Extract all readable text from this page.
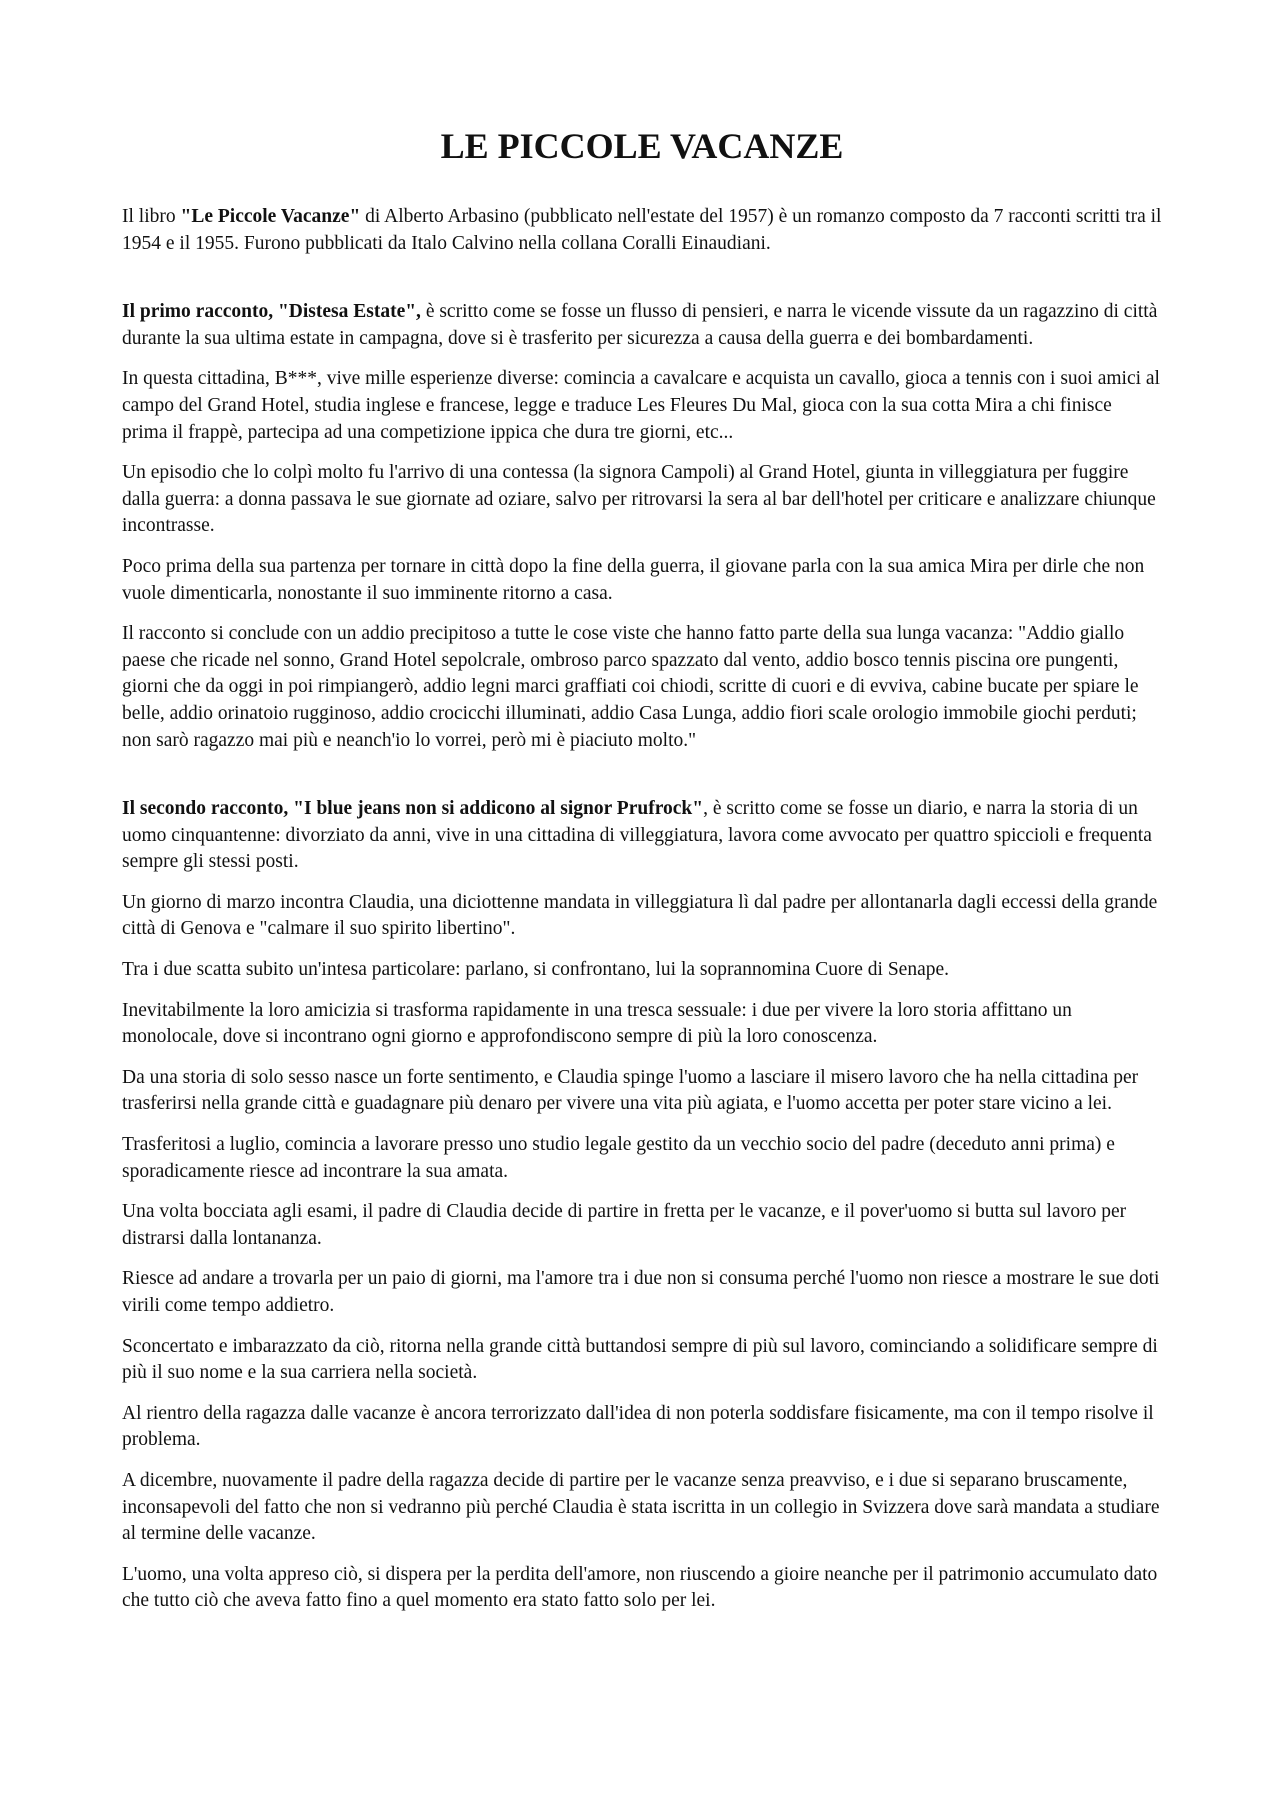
LE PICCOLE VACANZE

Il libro "Le Piccole Vacanze" di Alberto Arbasino (pubblicato nell'estate del 1957) è un romanzo composto da 7 racconti scritti tra il 1954 e il 1955. Furono pubblicati da Italo Calvino nella collana Coralli Einaudiani.

Il primo racconto, "Distesa Estate", è scritto come se fosse un flusso di pensieri, e narra le vicende vissute da un ragazzino di città durante la sua ultima estate in campagna, dove si è trasferito per sicurezza a causa della guerra e dei bombardamenti.

In questa cittadina, B***, vive mille esperienze diverse: comincia a cavalcare e acquista un cavallo, gioca a tennis con i suoi amici al campo del Grand Hotel, studia inglese e francese, legge e traduce Les Fleures Du Mal, gioca con la sua cotta Mira a chi finisce prima il frappè, partecipa ad una competizione ippica che dura tre giorni, etc...

Un episodio che lo colpì molto fu l'arrivo di una contessa (la signora Campoli) al Grand Hotel, giunta in villeggiatura per fuggire dalla guerra: a donna passava le sue giornate ad oziare, salvo per ritrovarsi la sera al bar dell'hotel per criticare e analizzare chiunque incontrasse.

Poco prima della sua partenza per tornare in città dopo la fine della guerra, il giovane parla con la sua amica Mira per dirle che non vuole dimenticarla, nonostante il suo imminente ritorno a casa.

Il racconto si conclude con un addio precipitoso a tutte le cose viste che hanno fatto parte della sua lunga vacanza: "Addio giallo paese che ricade nel sonno, Grand Hotel sepolcrale, ombroso parco spazzato dal vento, addio bosco tennis piscina ore pungenti, giorni che da oggi in poi rimpiangerò, addio legni marci graffiati coi chiodi, scritte di cuori e di evviva, cabine bucate per spiare le belle, addio orinatoio rugginoso, addio crocicchi illuminati, addio Casa Lunga, addio fiori scale orologio immobile giochi perduti; non sarò ragazzo mai più e neanch'io lo vorrei, però mi è piaciuto molto."

Il secondo racconto, "I blue jeans non si addicono al signor Prufrock", è scritto come se fosse un diario, e narra la storia di un uomo cinquantenne: divorziato da anni, vive in una cittadina di villeggiatura, lavora come avvocato per quattro spiccioli e frequenta sempre gli stessi posti.

Un giorno di marzo incontra Claudia, una diciottenne mandata in villeggiatura lì dal padre per allontanarla dagli eccessi della grande città di Genova e "calmare il suo spirito libertino".

Tra i due scatta subito un'intesa particolare: parlano, si confrontano, lui la soprannomina Cuore di Senape.

Inevitabilmente la loro amicizia si trasforma rapidamente in una tresca sessuale: i due per vivere la loro storia affittano un monolocale, dove si incontrano ogni giorno e approfondiscono sempre di più la loro conoscenza.

Da una storia di solo sesso nasce un forte sentimento, e Claudia spinge l'uomo a lasciare il misero lavoro che ha nella cittadina per trasferirsi nella grande città e guadagnare più denaro per vivere una vita più agiata, e l'uomo accetta per poter stare vicino a lei.

Trasferitosi a luglio, comincia a lavorare presso uno studio legale gestito da un vecchio socio del padre (deceduto anni prima) e sporadicamente riesce ad incontrare la sua amata.

Una volta bocciata agli esami, il padre di Claudia decide di partire in fretta per le vacanze, e il pover'uomo si butta sul lavoro per distrarsi dalla lontananza.

Riesce ad andare a trovarla per un paio di giorni, ma l'amore tra i due non si consuma perché l'uomo non riesce a mostrare le sue doti virili come tempo addietro.

Sconcertato e imbarazzato da ciò, ritorna nella grande città buttandosi sempre di più sul lavoro, cominciando a solidificare sempre di più il suo nome e la sua carriera nella società.

Al rientro della ragazza dalle vacanze è ancora terrorizzato dall'idea di non poterla soddisfare fisicamente, ma con il tempo risolve il problema.

A dicembre, nuovamente il padre della ragazza decide di partire per le vacanze senza preavviso, e i due si separano bruscamente, inconsapevoli del fatto che non si vedranno più perché Claudia è stata iscritta in un collegio in Svizzera dove sarà mandata a studiare al termine delle vacanze.

L'uomo, una volta appreso ciò, si dispera per la perdita dell'amore, non riuscendo a gioire neanche per il patrimonio accumulato dato che tutto ciò che aveva fatto fino a quel momento era stato fatto solo per lei.
